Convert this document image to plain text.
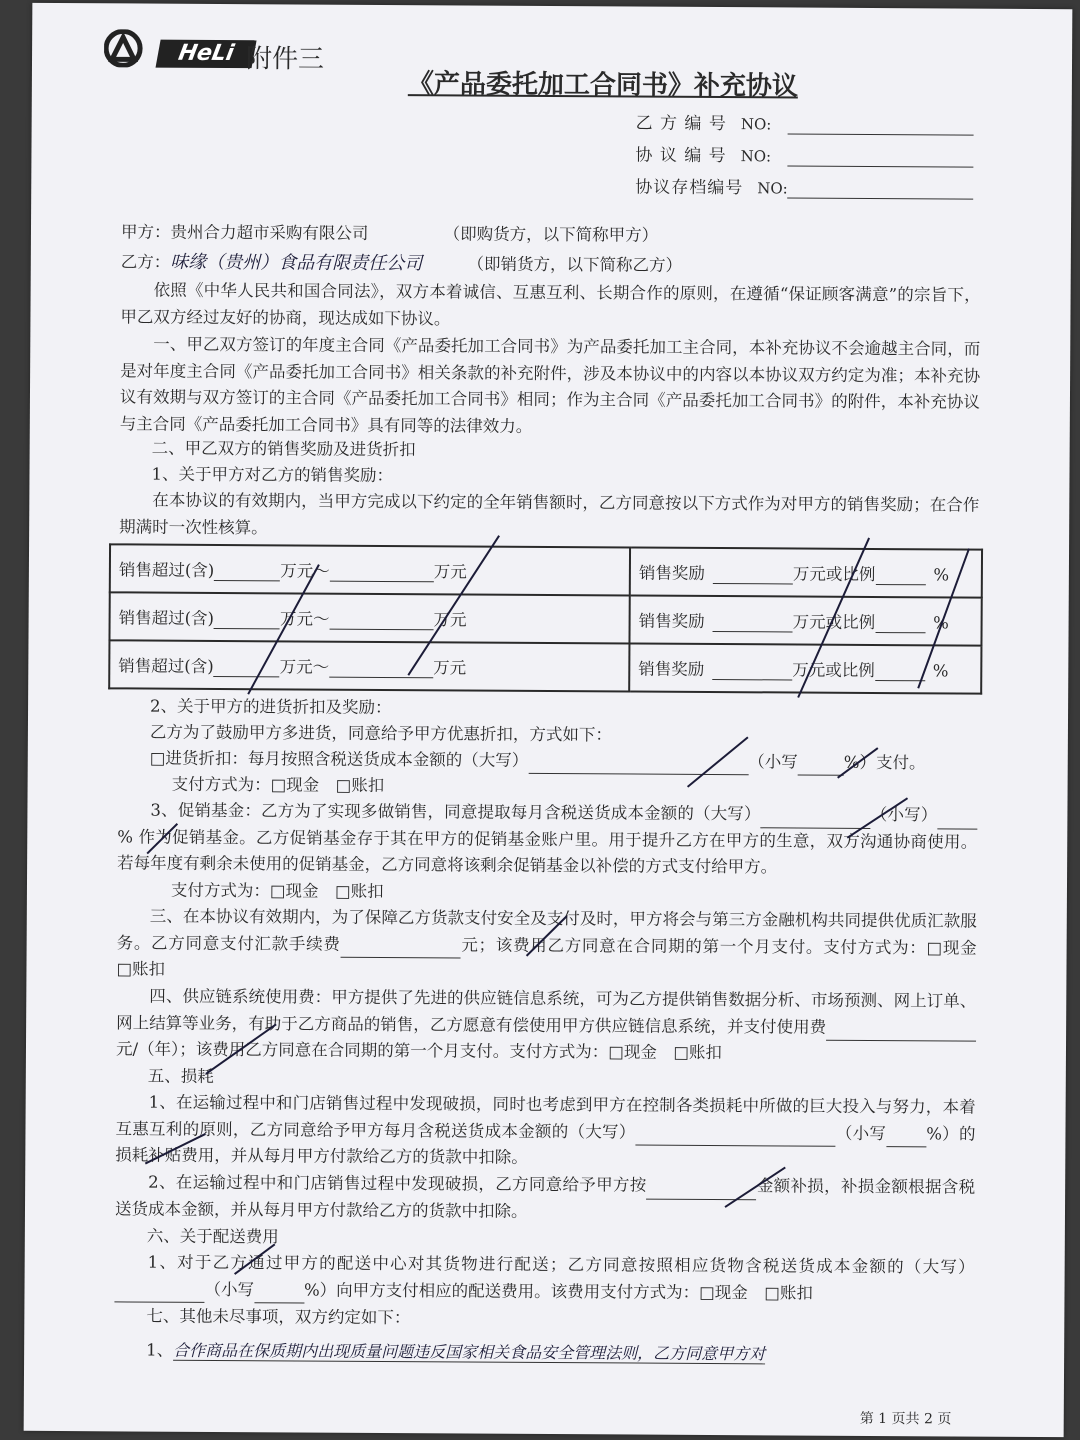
HeLi 附件三
《产品委托加工合同书》补充协议
乙 方 编 号 NO:
协 议 编 号 NO:
协议存档编号 NO:
甲方：贵州合力超市采购有限公司	（即购货方，以下简称甲方）
乙方：味缘（贵州）食品有限责任公司	（即销货方，以下简称乙方）
依照《中华人民共和国合同法》，双方本着诚信、互惠互利、长期合作的原则，在遵循“保证顾客满意”的宗旨下，甲乙双方经过友好的协商，现达成如下协议。
一、甲乙双方签订的年度主合同《产品委托加工合同书》为产品委托加工主合同，本补充协议不会逾越主合同，而是对年度主合同《产品委托加工合同书》相关条款的补充附件，涉及本协议中的内容以本协议双方约定为准；本补充协议有效期与双方签订的主合同《产品委托加工合同书》相同；作为主合同《产品委托加工合同书》的附件，本补充协议与主合同《产品委托加工合同书》具有同等的法律效力。
二、甲乙双方的销售奖励及进货折扣
1、关于甲方对乙方的销售奖励：
在本协议的有效期内，当甲方完成以下约定的全年销售额时，乙方同意按以下方式作为对甲方的销售奖励；在合作期满时一次性核算。
销售超过(含) 万元～ 万元	销售奖励 万元或比例 %
销售超过(含) 万元～ 万元	销售奖励 万元或比例 %
销售超过(含) 万元～ 万元	销售奖励 万元或比例 %
2、关于甲方的进货折扣及奖励：
乙方为了鼓励甲方多进货，同意给予甲方优惠折扣，方式如下：
□进货折扣：每月按照含税送货成本金额的（大写）	（小写	%）支付。
支付方式为：□现金　□账扣
3、促销基金：乙方为了实现多做销售，同意提取每月含税送货成本金额的（大写）	（小写）% 作为促销基金。乙方促销基金存于其在甲方的促销基金账户里。用于提升乙方在甲方的生意，双方沟通协商使用。若每年度有剩余未使用的促销基金，乙方同意将该剩余促销基金以补偿的方式支付给甲方。
支付方式为：□现金　□账扣
三、在本协议有效期内，为了保障乙方货款支付安全及支付及时，甲方将会与第三方金融机构共同提供优质汇款服务。乙方同意支付汇款手续费	元；该费用乙方同意在合同期的第一个月支付。支付方式为：□现金　□账扣
四、供应链系统使用费：甲方提供了先进的供应链信息系统，可为乙方提供销售数据分析、市场预测、网上订单、网上结算等业务，有助于乙方商品的销售，乙方愿意有偿使用甲方供应链信息系统，并支付使用费元/（年）；该费用乙方同意在合同期的第一个月支付。支付方式为：□现金　□账扣
五、损耗
1、在运输过程中和门店销售过程中发现破损，同时也考虑到甲方在控制各类损耗中所做的巨大投入与努力，本着互惠互利的原则，乙方同意给予甲方每月含税送货成本金额的（大写）	（小写 %）的损耗补贴费用，并从每月甲方付款给乙方的货款中扣除。
2、在运输过程中和门店销售过程中发现破损，乙方同意给予甲方按	金额补损，补损金额根据含税送货成本金额，并从每月甲方付款给乙方的货款中扣除。
六、关于配送费用
1、对于乙方通过甲方的配送中心对其货物进行配送；乙方同意按照相应货物含税送货成本金额的（大写）（小写	%）向甲方支付相应的配送费用。该费用支付方式为：□现金　□账扣
七、其他未尽事项，双方约定如下：
1、合作商品在保质期内出现质量问题违反国家相关食品安全管理法则，乙方同意甲方对
第 1 页共 2 页
